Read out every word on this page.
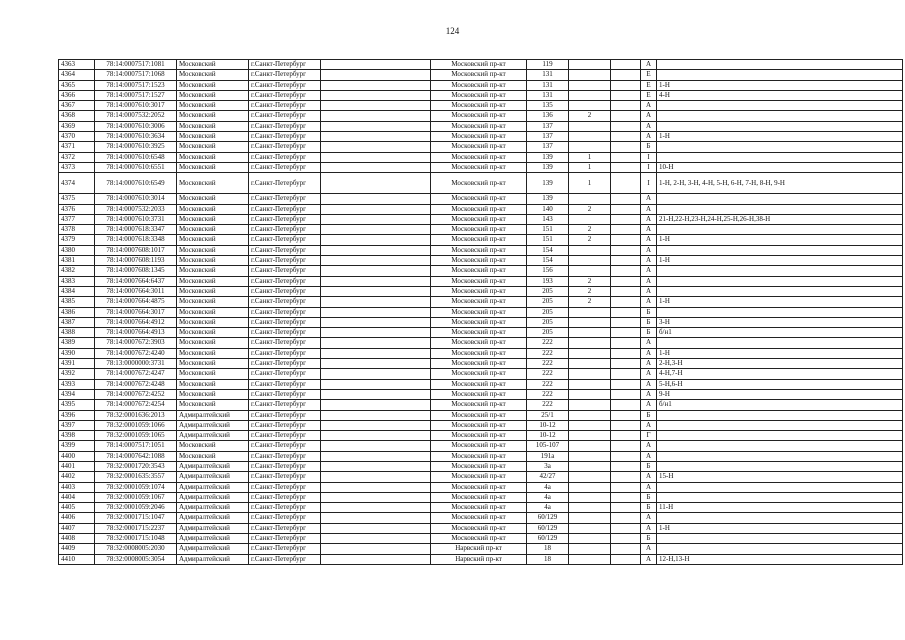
124
4363	78:14:0007517:1081	Московский	г.Санкт-Петербург		Московский пр-кт	119			А	
4364	78:14:0007517:1068	Московский	г.Санкт-Петербург		Московский пр-кт	131			Е	
4365	78:14:0007517:1523	Московский	г.Санкт-Петербург		Московский пр-кт	131			Е	1-Н
4366	78:14:0007517:1527	Московский	г.Санкт-Петербург		Московский пр-кт	131			Е	4-Н
4367	78:14:0007610:3017	Московский	г.Санкт-Петербург		Московский пр-кт	135			А	
4368	78:14:0007532:2052	Московский	г.Санкт-Петербург		Московский пр-кт	136	2		А	
4369	78:14:0007610:3006	Московский	г.Санкт-Петербург		Московский пр-кт	137			А	
4370	78:14:0007610:3634	Московский	г.Санкт-Петербург		Московский пр-кт	137			А	1-Н
4371	78:14:0007610:3925	Московский	г.Санкт-Петербург		Московский пр-кт	137			Б	
4372	78:14:0007610:6548	Московский	г.Санкт-Петербург		Московский пр-кт	139	1		І	
4373	78:14:0007610:6551	Московский	г.Санкт-Петербург		Московский пр-кт	139	1		І	10-Н
4374	78:14:0007610:6549	Московский	г.Санкт-Петербург		Московский пр-кт	139	1		І	1-Н, 2-Н, 3-Н, 4-Н, 5-Н, 6-Н, 7-Н, 8-Н, 9-Н
4375	78:14:0007610:3014	Московский	г.Санкт-Петербург		Московский пр-кт	139			А	
4376	78:14:0007532:2033	Московский	г.Санкт-Петербург		Московский пр-кт	140	2		А	
4377	78:14:0007610:3731	Московский	г.Санкт-Петербург		Московский пр-кт	143			А	21-Н,22-Н,23-Н,24-Н,25-Н,26-Н,38-Н
4378	78:14:0007618:3347	Московский	г.Санкт-Петербург		Московский пр-кт	151	2		А	
4379	78:14:0007618:3348	Московский	г.Санкт-Петербург		Московский пр-кт	151	2		А	1-Н
4380	78:14:0007608:1017	Московский	г.Санкт-Петербург		Московский пр-кт	154			А	
4381	78:14:0007608:1193	Московский	г.Санкт-Петербург		Московский пр-кт	154			А	1-Н
4382	78:14:0007608:1345	Московский	г.Санкт-Петербург		Московский пр-кт	156			А	
4383	78:14:0007664:6437	Московский	г.Санкт-Петербург		Московский пр-кт	193	2		А	
4384	78:14:0007664:3011	Московский	г.Санкт-Петербург		Московский пр-кт	205	2		А	
4385	78:14:0007664:4875	Московский	г.Санкт-Петербург		Московский пр-кт	205	2		А	1-Н
4386	78:14:0007664:3017	Московский	г.Санкт-Петербург		Московский пр-кт	205			Б	
4387	78:14:0007664:4912	Московский	г.Санкт-Петербург		Московский пр-кт	205			Б	3-Н
4388	78:14:0007664:4913	Московский	г.Санкт-Петербург		Московский пр-кт	205			Б	б/н1
4389	78:14:0007672:3903	Московский	г.Санкт-Петербург		Московский пр-кт	222			А	
4390	78:14:0007672:4240	Московский	г.Санкт-Петербург		Московский пр-кт	222			А	1-Н
4391	78:13:0000000:3731	Московский	г.Санкт-Петербург		Московский пр-кт	222			А	2-Н,3-Н
4392	78:14:0007672:4247	Московский	г.Санкт-Петербург		Московский пр-кт	222			А	4-Н,7-Н
4393	78:14:0007672:4248	Московский	г.Санкт-Петербург		Московский пр-кт	222			А	5-Н,6-Н
4394	78:14:0007672:4252	Московский	г.Санкт-Петербург		Московский пр-кт	222			А	9-Н
4395	78:14:0007672:4254	Московский	г.Санкт-Петербург		Московский пр-кт	222			А	б/н1
4396	78:32:0001636:2013	Адмиралтейский	г.Санкт-Петербург		Московский пр-кт	25/1			Б	
4397	78:32:0001059:1066	Адмиралтейский	г.Санкт-Петербург		Московский пр-кт	10-12			А	
4398	78:32:0001059:1065	Адмиралтейский	г.Санкт-Петербург		Московский пр-кт	10-12			Г	
4399	78:14:0007517:1051	Московский	г.Санкт-Петербург		Московский пр-кт	105-107			А	
4400	78:14:0007642:1088	Московский	г.Санкт-Петербург		Московский пр-кт	191а			А	
4401	78:32:0001720:3543	Адмиралтейский	г.Санкт-Петербург		Московский пр-кт	3а			Б	
4402	78:32:0001635:3557	Адмиралтейский	г.Санкт-Петербург		Московский пр-кт	42/27			А	15-Н
4403	78:32:0001059:1074	Адмиралтейский	г.Санкт-Петербург		Московский пр-кт	4а			А	
4404	78:32:0001059:1067	Адмиралтейский	г.Санкт-Петербург		Московский пр-кт	4а			Б	
4405	78:32:0001059:2046	Адмиралтейский	г.Санкт-Петербург		Московский пр-кт	4а			Б	11-Н
4406	78:32:0001715:1047	Адмиралтейский	г.Санкт-Петербург		Московский пр-кт	60/129			А	
4407	78:32:0001715:2237	Адмиралтейский	г.Санкт-Петербург		Московский пр-кт	60/129			А	1-Н
4408	78:32:0001715:1048	Адмиралтейский	г.Санкт-Петербург		Московский пр-кт	60/129			Б	
4409	78:32:0008005:2030	Адмиралтейский	г.Санкт-Петербург		Нарвский пр-кт	18			А	
4410	78:32:0008005:3054	Адмиралтейский	г.Санкт-Петербург		Нарвский пр-кт	18			А	12-Н,13-Н
